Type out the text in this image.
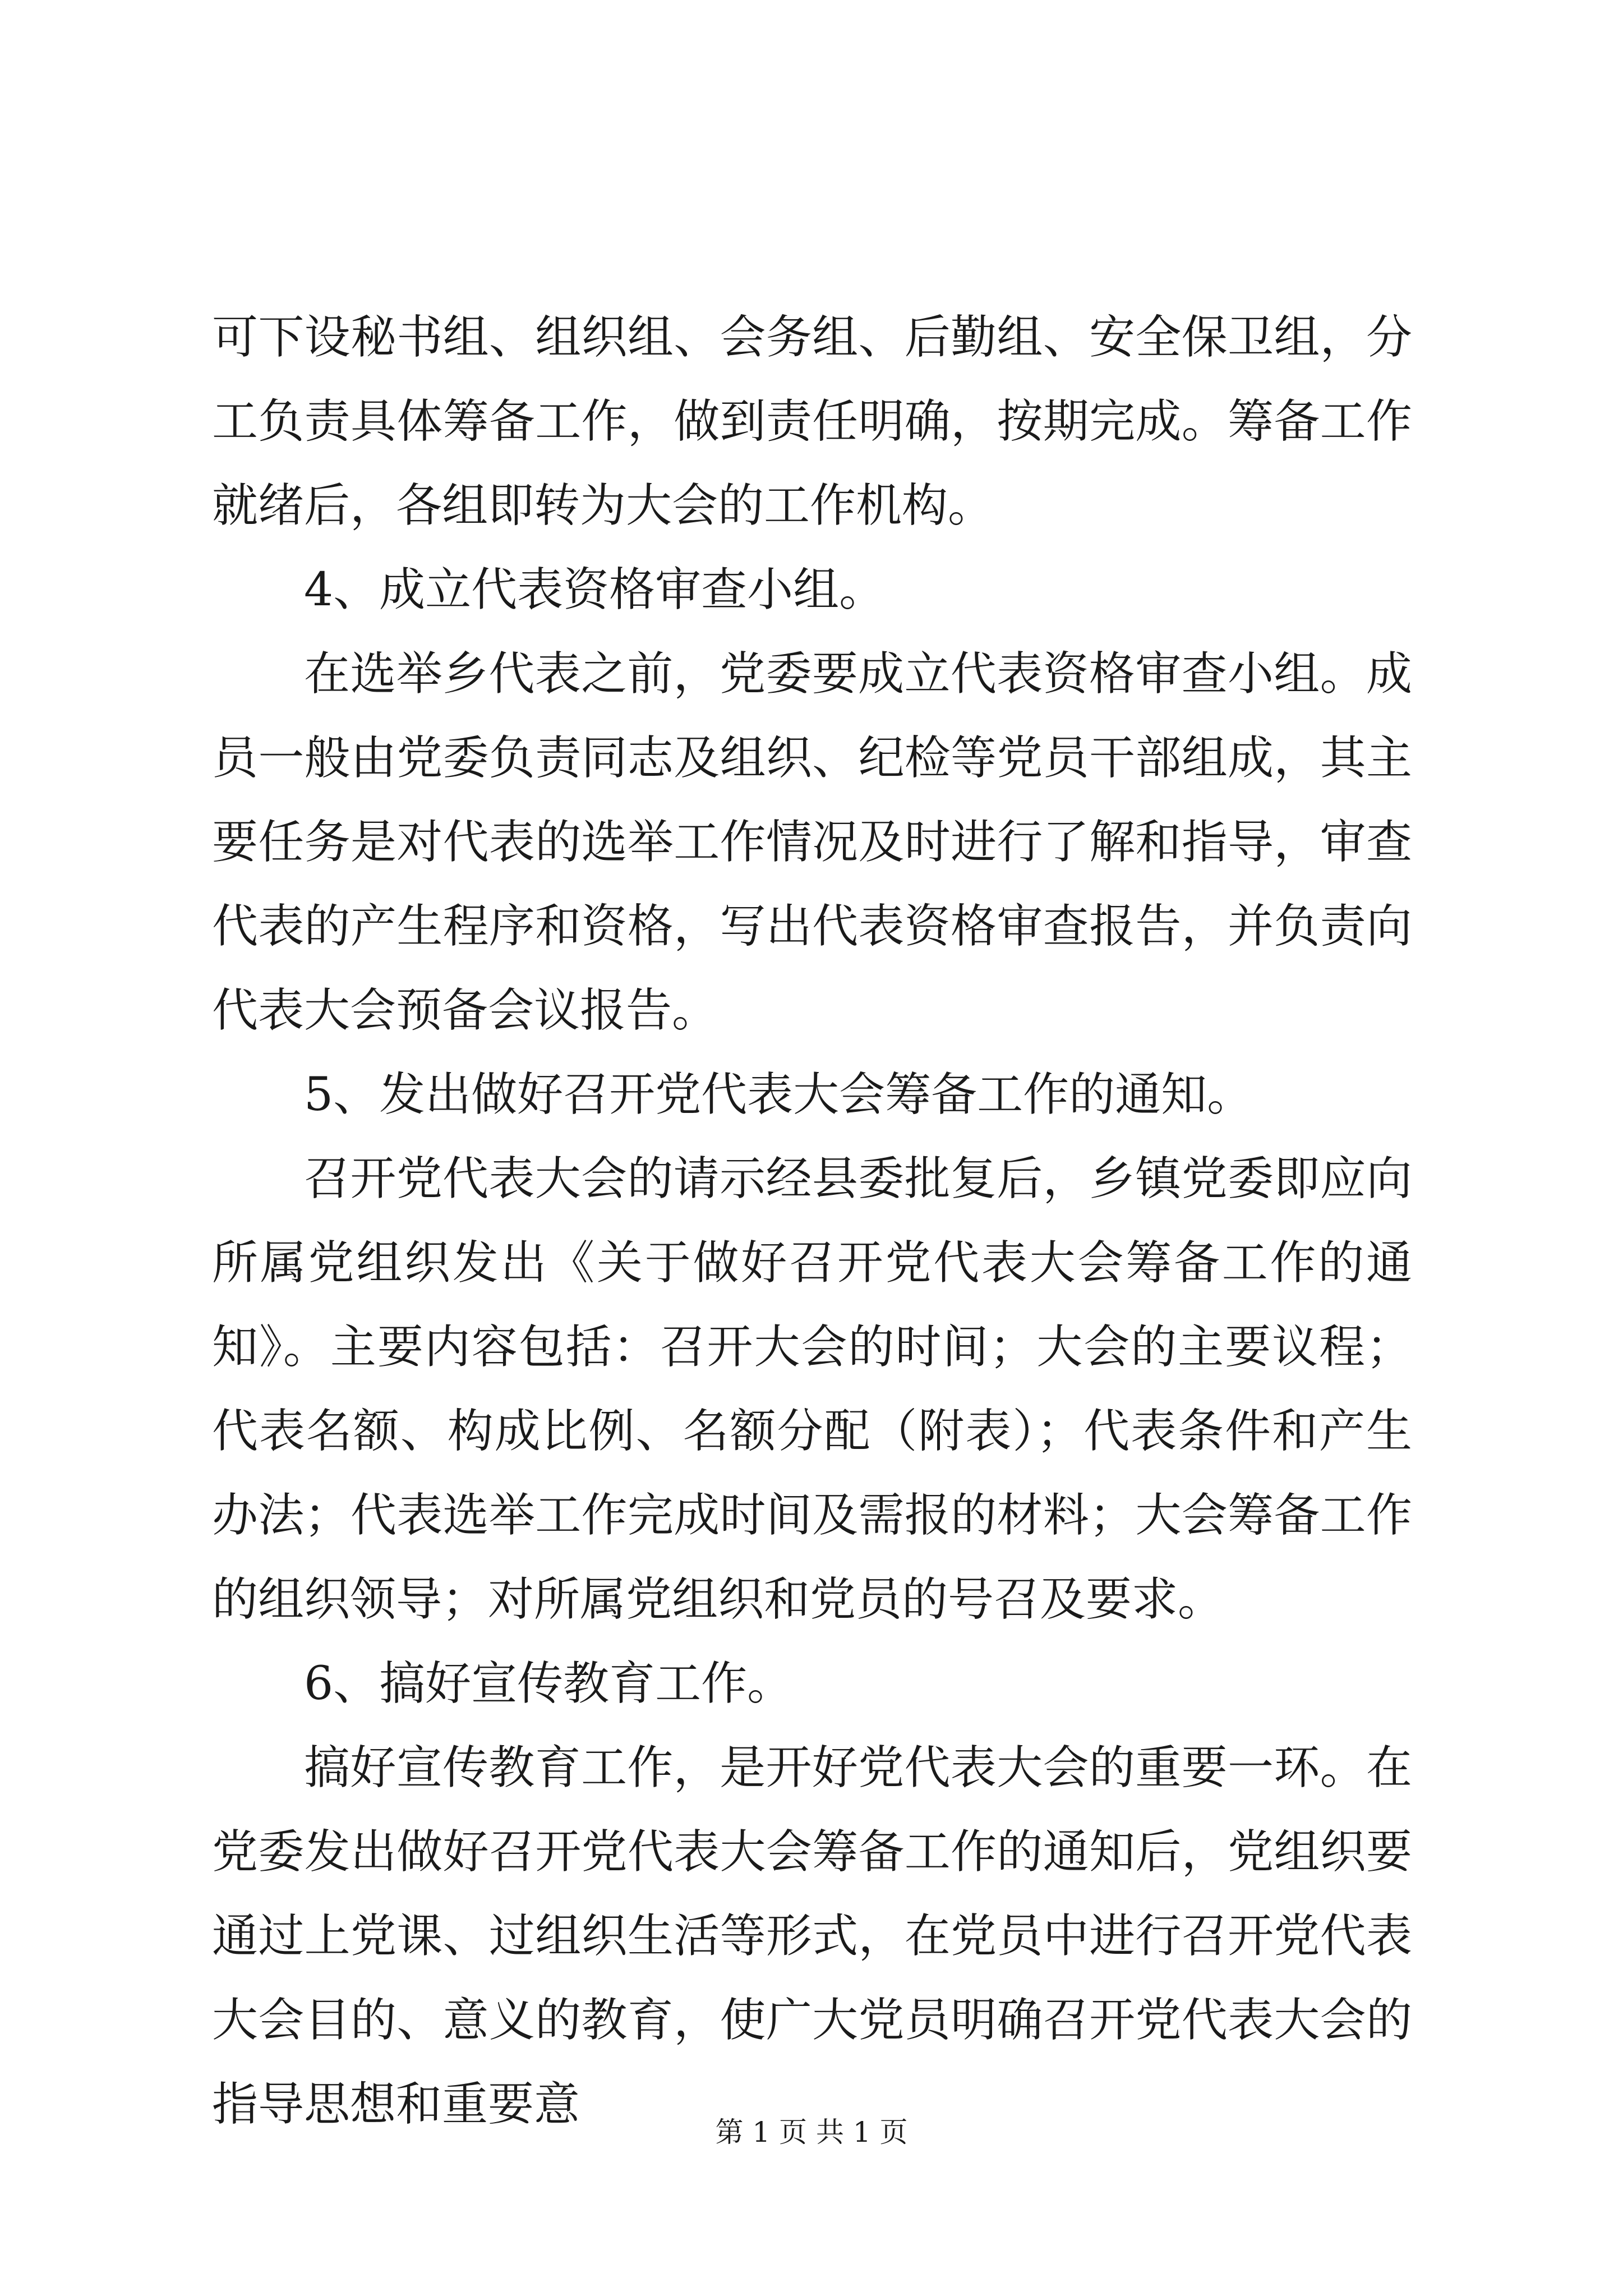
可下设秘书组、组织组、会务组、后勤组、安全保卫组，分工负责具体筹备工作，做到责任明确，按期完成。筹备工作就绪后，各组即转为大会的工作机构。

4、成立代表资格审查小组。

在选举乡代表之前，党委要成立代表资格审查小组。成员一般由党委负责同志及组织、纪检等党员干部组成，其主要任务是对代表的选举工作情况及时进行了解和指导，审查代表的产生程序和资格，写出代表资格审查报告，并负责向代表大会预备会议报告。

5、发出做好召开党代表大会筹备工作的通知。

召开党代表大会的请示经县委批复后，乡镇党委即应向所属党组织发出《关于做好召开党代表大会筹备工作的通知》。主要内容包括：召开大会的时间；大会的主要议程；代表名额、构成比例、名额分配（附表）；代表条件和产生办法；代表选举工作完成时间及需报的材料；大会筹备工作的组织领导；对所属党组织和党员的号召及要求。

6、搞好宣传教育工作。

搞好宣传教育工作，是开好党代表大会的重要一环。在党委发出做好召开党代表大会筹备工作的通知后，党组织要通过上党课、过组织生活等形式，在党员中进行召开党代表大会目的、意义的教育，使广大党员明确召开党代表大会的指导思想和重要意

第 1 页 共 1 页
